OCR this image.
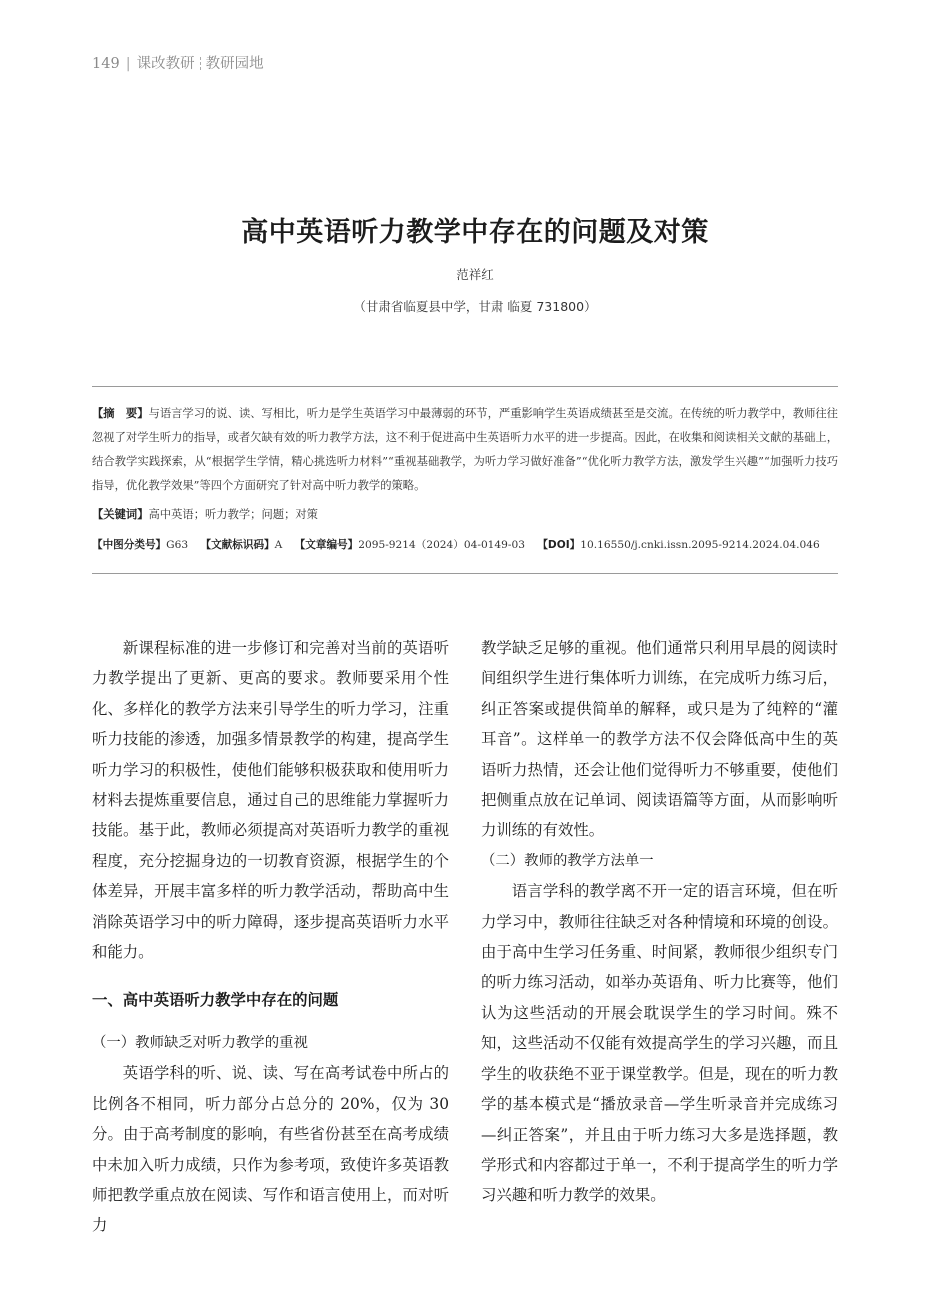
149 | 课改教研 教研园地
高中英语听力教学中存在的问题及对策
范祥红
（甘肃省临夏县中学，甘肃 临夏 731800）
【摘　要】与语言学习的说、读、写相比，听力是学生英语学习中最薄弱的环节，严重影响学生英语成绩甚至是交流。在传统的听力教学中，教师往往忽视了对学生听力的指导，或者欠缺有效的听力教学方法，这不利于促进高中生英语听力水平的进一步提高。因此，在收集和阅读相关文献的基础上，结合教学实践探索，从“根据学生学情，精心挑选听力材料”“重视基础教学，为听力学习做好准备”“优化听力教学方法，激发学生兴趣”“加强听力技巧指导，优化教学效果”等四个方面研究了针对高中听力教学的策略。
【关键词】高中英语；听力教学；问题；对策
【中图分类号】G63 【文献标识码】A 【文章编号】2095-9214（2024）04-0149-03 【DOI】10.16550/j.cnki.issn.2095-9214.2024.04.046

新课程标准的进一步修订和完善对当前的英语听力教学提出了更新、更高的要求。教师要采用个性化、多样化的教学方法来引导学生的听力学习，注重听力技能的渗透，加强多情景教学的构建，提高学生听力学习的积极性，使他们能够积极获取和使用听力材料去提炼重要信息，通过自己的思维能力掌握听力技能。基于此，教师必须提高对英语听力教学的重视程度，充分挖掘身边的一切教育资源，根据学生的个体差异，开展丰富多样的听力教学活动，帮助高中生消除英语学习中的听力障碍，逐步提高英语听力水平和能力。

一、高中英语听力教学中存在的问题

（一）教师缺乏对听力教学的重视

英语学科的听、说、读、写在高考试卷中所占的比例各不相同，听力部分占总分的 20%，仅为 30 分。由于高考制度的影响，有些省份甚至在高考成绩中未加入听力成绩，只作为参考项，致使许多英语教师把教学重点放在阅读、写作和语言使用上，而对听力

教学缺乏足够的重视。他们通常只利用早晨的阅读时间组织学生进行集体听力训练，在完成听力练习后，纠正答案或提供简单的解释，或只是为了纯粹的“灌耳音”。这样单一的教学方法不仅会降低高中生的英语听力热情，还会让他们觉得听力不够重要，使他们把侧重点放在记单词、阅读语篇等方面，从而影响听力训练的有效性。

（二）教师的教学方法单一

语言学科的教学离不开一定的语言环境，但在听力学习中，教师往往缺乏对各种情境和环境的创设。由于高中生学习任务重、时间紧，教师很少组织专门的听力练习活动，如举办英语角、听力比赛等，他们认为这些活动的开展会耽误学生的学习时间。殊不知，这些活动不仅能有效提高学生的学习兴趣，而且学生的收获绝不亚于课堂教学。但是，现在的听力教学的基本模式是“播放录音—学生听录音并完成练习—纠正答案”，并且由于听力练习大多是选择题，教学形式和内容都过于单一，不利于提高学生的听力学习兴趣和听力教学的效果。
